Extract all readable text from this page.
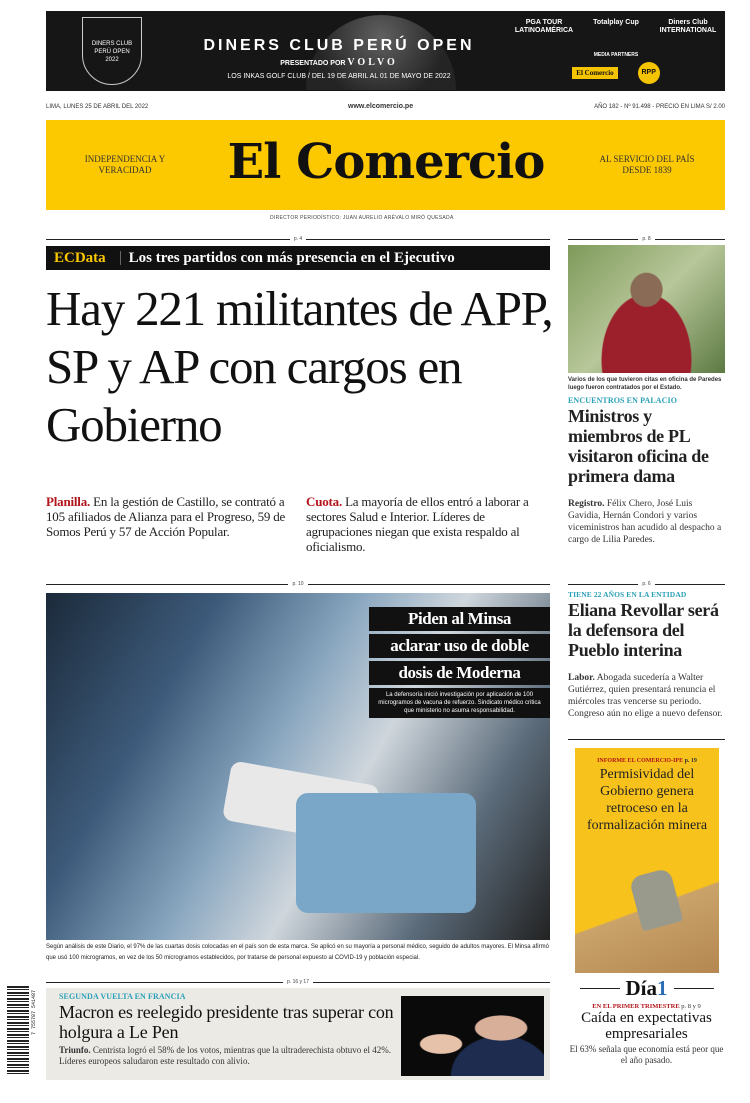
DINERS CLUB PERÚ OPEN 2022
DINERS CLUB PERÚ OPEN
PRESENTADO POR VOLVO
LOS INKAS GOLF CLUB / DEL 19 DE ABRIL AL 01 DE MAYO DE 2022
PGA TOUR LATINOAMÉRICA
Totalplay Cup	Diners Club INTERNATIONAL
MEDIA PARTNERS
El Comercio	RPP
LIMA, LUNES 25 DE ABRIL DEL 2022	www.elcomercio.pe	AÑO 182 - Nº 91.498 - PRECIO EN LIMA S/ 2.00
INDEPENDENCIA Y VERACIDAD	El Comercio	AL SERVICIO DEL PAÍS DESDE 1839
DIRECTOR PERIODÍSTICO: JUAN AURELIO ARÉVALO MIRÓ QUESADA
p. 4
ECData Los tres partidos con más presencia en el Ejecutivo
Hay 221 militantes de APP, SP y AP con cargos en Gobierno

Planilla. En la gestión de Castillo, se contrató a 105 afiliados de Alianza para el Progreso, 59 de Somos Perú y 57 de Acción Popular.

Cuota. La mayoría de ellos entró a laborar a sectores Salud e Interior. Líderes de agrupaciones niegan que exista respaldo al oficialismo.

p. 10
Piden al Minsa
aclarar uso de doble
dosis de Moderna
La defensoría inició investigación por aplicación de 100 microgramos de vacuna de refuerzo. Sindicato médico critica que ministerio no asuma responsabilidad.

Según análisis de este Diario, el 97% de las cuartas dosis colocadas en el país son de esta marca. Se aplicó en su mayoría a personal médico, seguido de adultos mayores. El Minsa afirmó que usó 100 microgramos, en vez de los 50 microgramos establecidos, por tratarse de personal expuesto al COVID-19 y población especial.

p. 8

Varios de los que tuvieron citas en oficina de Paredes luego fueron contratados por el Estado.

ENCUENTROS EN PALACIO
Ministros y miembros de PL visitaron oficina de primera dama

Registro. Félix Chero, José Luis Gavidia, Hernán Condori y varios viceministros han acudido al despacho a cargo de Lilia Paredes.

p. 6
TIENE 22 AÑOS EN LA ENTIDAD
Eliana Revollar será la defensora del Pueblo interina

Labor. Abogada sucedería a Walter Gutiérrez, quien presentará renuncia el miércoles tras vencerse su periodo. Congreso aún no elige a nuevo defensor.

INFORME EL COMERCIO-IPE p. 19
Permisividad del Gobierno genera retroceso en la formalización minera
Día1
EN EL PRIMER TRIMESTRE p. 8 y 9
Caída en expectativas empresariales

El 63% señala que economía está peor que el año pasado.

7 755787 541487
p. 16 y 17
SEGUNDA VUELTA EN FRANCIA
Macron es reelegido presidente tras superar con holgura a Le Pen

Triunfo. Centrista logró el 58% de los votos, mientras que la ultraderechista obtuvo el 42%. Líderes europeos saludaron este resultado con alivio.
